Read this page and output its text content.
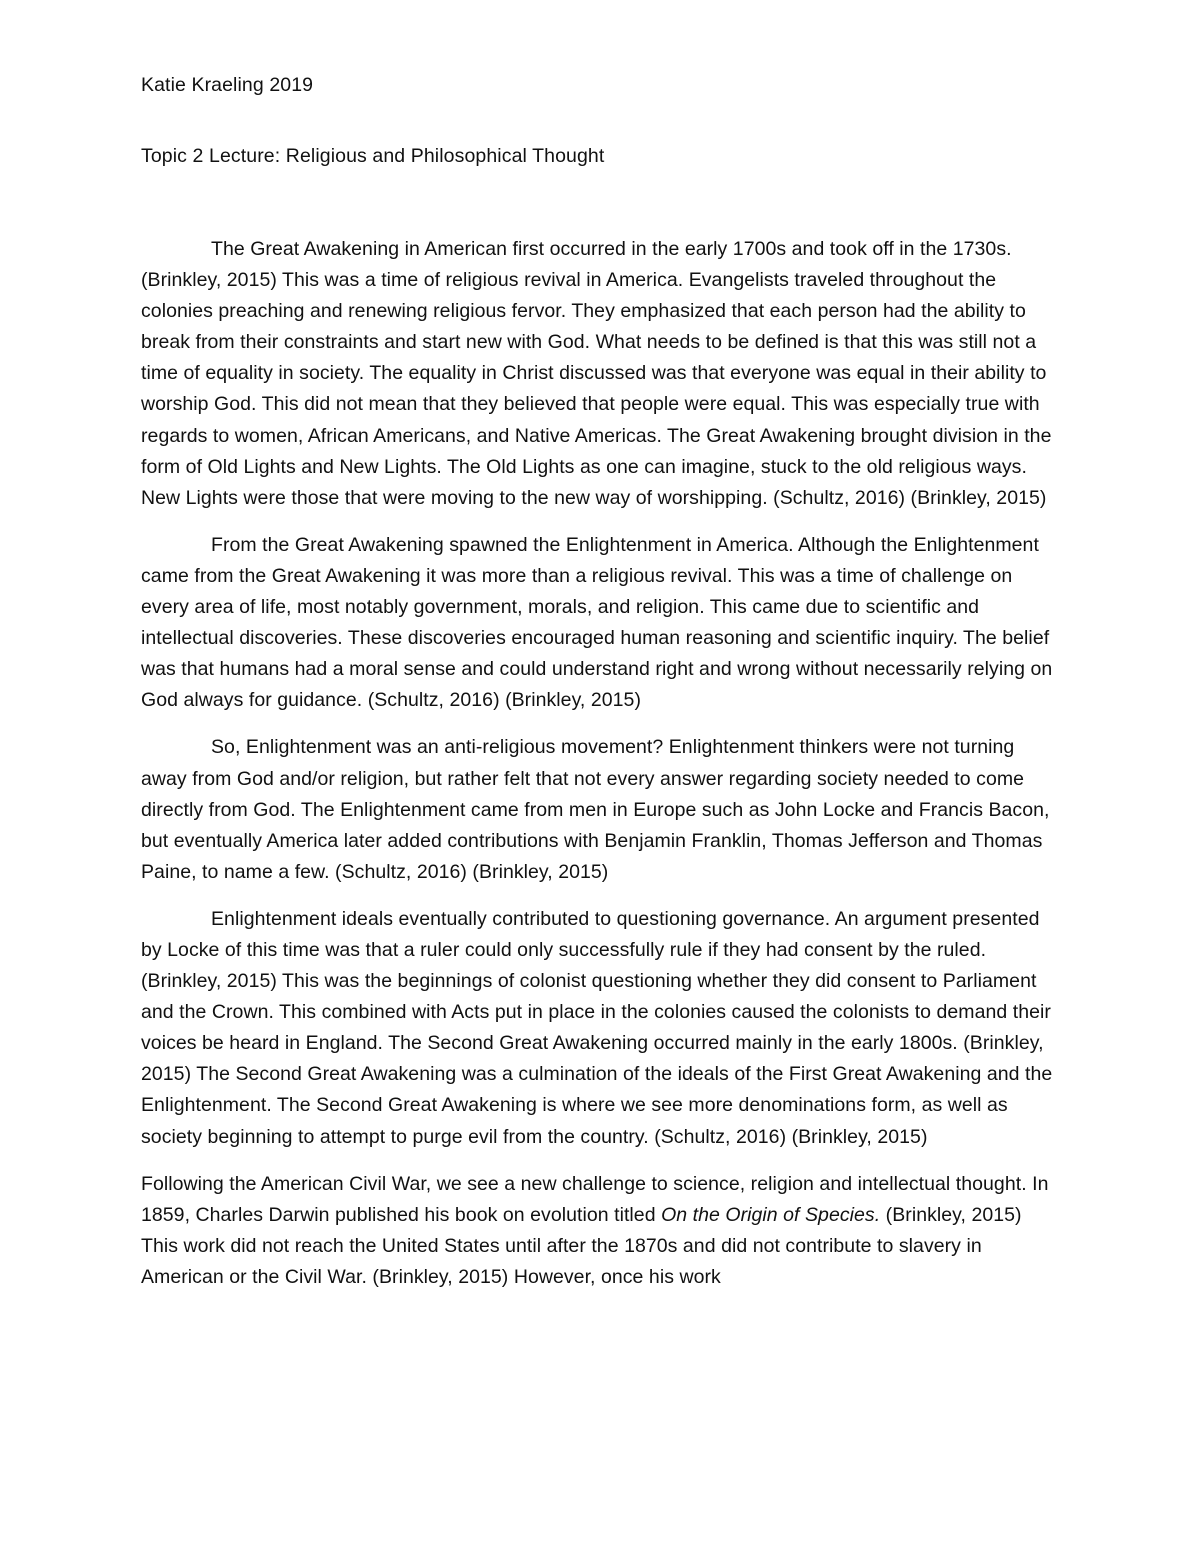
Katie Kraeling 2019

Topic 2 Lecture: Religious and Philosophical Thought

The Great Awakening in American first occurred in the early 1700s and took off in the 1730s. (Brinkley, 2015) This was a time of religious revival in America. Evangelists traveled throughout the colonies preaching and renewing religious fervor. They emphasized that each person had the ability to break from their constraints and start new with God. What needs to be defined is that this was still not a time of equality in society. The equality in Christ discussed was that everyone was equal in their ability to worship God. This did not mean that they believed that people were equal. This was especially true with regards to women, African Americans, and Native Americas. The Great Awakening brought division in the form of Old Lights and New Lights. The Old Lights as one can imagine, stuck to the old religious ways. New Lights were those that were moving to the new way of worshipping. (Schultz, 2016) (Brinkley, 2015)

From the Great Awakening spawned the Enlightenment in America. Although the Enlightenment came from the Great Awakening it was more than a religious revival. This was a time of challenge on every area of life, most notably government, morals, and religion. This came due to scientific and intellectual discoveries. These discoveries encouraged human reasoning and scientific inquiry. The belief was that humans had a moral sense and could understand right and wrong without necessarily relying on God always for guidance. (Schultz, 2016) (Brinkley, 2015)

So, Enlightenment was an anti-religious movement? Enlightenment thinkers were not turning away from God and/or religion, but rather felt that not every answer regarding society needed to come directly from God. The Enlightenment came from men in Europe such as John Locke and Francis Bacon, but eventually America later added contributions with Benjamin Franklin, Thomas Jefferson and Thomas Paine, to name a few. (Schultz, 2016) (Brinkley, 2015)

Enlightenment ideals eventually contributed to questioning governance. An argument presented by Locke of this time was that a ruler could only successfully rule if they had consent by the ruled. (Brinkley, 2015) This was the beginnings of colonist questioning whether they did consent to Parliament and the Crown. This combined with Acts put in place in the colonies caused the colonists to demand their voices be heard in England. The Second Great Awakening occurred mainly in the early 1800s. (Brinkley, 2015) The Second Great Awakening was a culmination of the ideals of the First Great Awakening and the Enlightenment. The Second Great Awakening is where we see more denominations form, as well as society beginning to attempt to purge evil from the country. (Schultz, 2016) (Brinkley, 2015)

Following the American Civil War, we see a new challenge to science, religion and intellectual thought. In 1859, Charles Darwin published his book on evolution titled On the Origin of Species. (Brinkley, 2015) This work did not reach the United States until after the 1870s and did not contribute to slavery in American or the Civil War. (Brinkley, 2015) However, once his work
